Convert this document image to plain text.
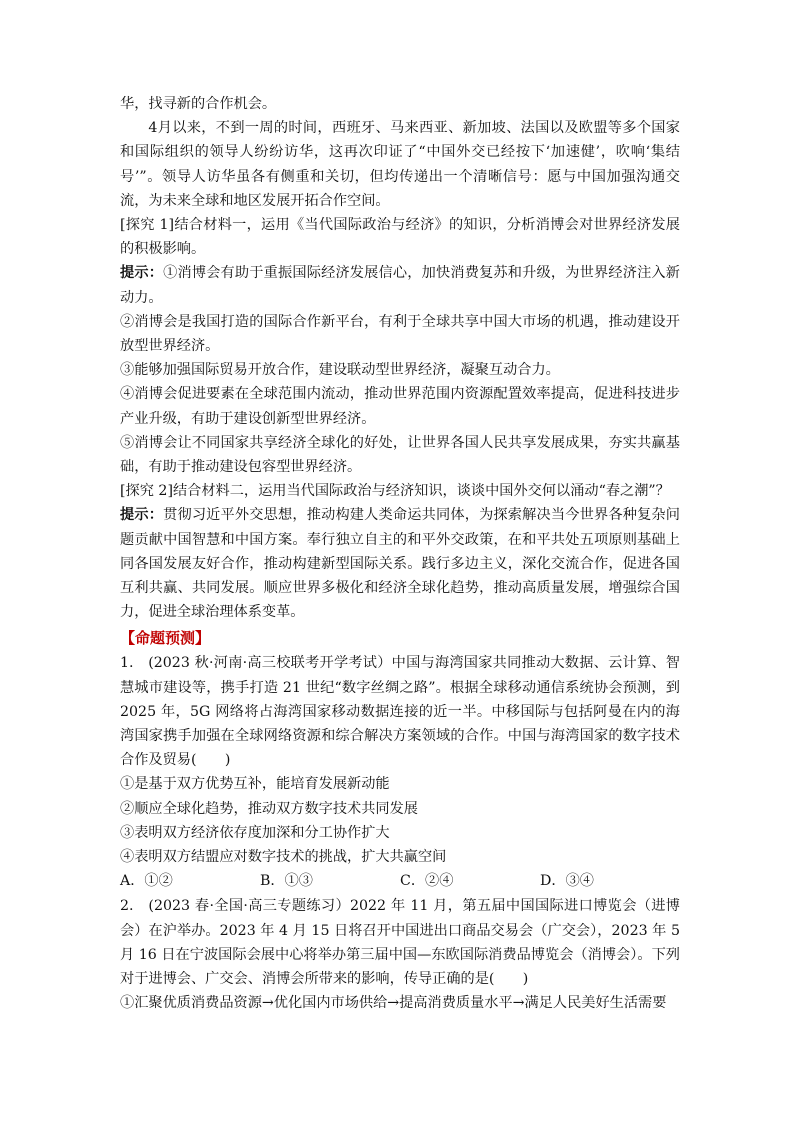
华，找寻新的合作机会。

4月以来，不到一周的时间，西班牙、马来西亚、新加坡、法国以及欧盟等多个国家和国际组织的领导人纷纷访华，这再次印证了“中国外交已经按下‘加速健’，吹响‘集结号’”。领导人访华虽各有侧重和关切，但均传递出一个清晰信号：愿与中国加强沟通交流，为未来全球和地区发展开拓合作空间。

[探究 1]结合材料一，运用《当代国际政治与经济》的知识，分析消博会对世界经济发展的积极影响。

提示：①消博会有助于重振国际经济发展信心，加快消费复苏和升级，为世界经济注入新动力。

②消博会是我国打造的国际合作新平台，有利于全球共享中国大市场的机遇，推动建设开放型世界经济。

③能够加强国际贸易开放合作，建设联动型世界经济，凝聚互动合力。

④消博会促进要素在全球范围内流动，推动世界范围内资源配置效率提高，促进科技进步产业升级，有助于建设创新型世界经济。

⑤消博会让不同国家共享经济全球化的好处，让世界各国人民共享发展成果，夯实共赢基础，有助于推动建设包容型世界经济。

[探究 2]结合材料二，运用当代国际政治与经济知识，谈谈中国外交何以涌动“春之潮”？

提示：贯彻习近平外交思想，推动构建人类命运共同体，为探索解决当今世界各种复杂问题贡献中国智慧和中国方案。奉行独立自主的和平外交政策，在和平共处五项原则基础上同各国发展友好合作，推动构建新型国际关系。践行多边主义，深化交流合作，促进各国互利共赢、共同发展。顺应世界多极化和经济全球化趋势，推动高质量发展，增强综合国力，促进全球治理体系变革。

【命题预测】

1.　(2023 秋·河南·高三校联考开学考试）中国与海湾国家共同推动大数据、云计算、智慧城市建设等，携手打造 21 世纪“数字丝绸之路”。根据全球移动通信系统协会预测，到 2025 年，5G 网络将占海湾国家移动数据连接的近一半。中移国际与包括阿曼在内的海湾国家携手加强在全球网络资源和综合解决方案领域的合作。中国与海湾国家的数字技术合作及贸易(　　)

①是基于双方优势互补，能培育发展新动能

②顺应全球化趋势，推动双方数字技术共同发展

③表明双方经济依存度加深和分工协作扩大

④表明双方结盟应对数字技术的挑战，扩大共赢空间

A．①②	B．①③	C．②④	D．③④

2.　(2023 春·全国·高三专题练习）2022 年 11 月，第五届中国国际进口博览会（进博会）在沪举办。2023 年 4 月 15 日将召开中国进出口商品交易会（广交会），2023 年 5 月 16 日在宁波国际会展中心将举办第三届中国—东欧国际消费品博览会（消博会）。下列对于进博会、广交会、消博会所带来的影响，传导正确的是(　　)

①汇聚优质消费品资源→优化国内市场供给→提高消费质量水平→满足人民美好生活需要
